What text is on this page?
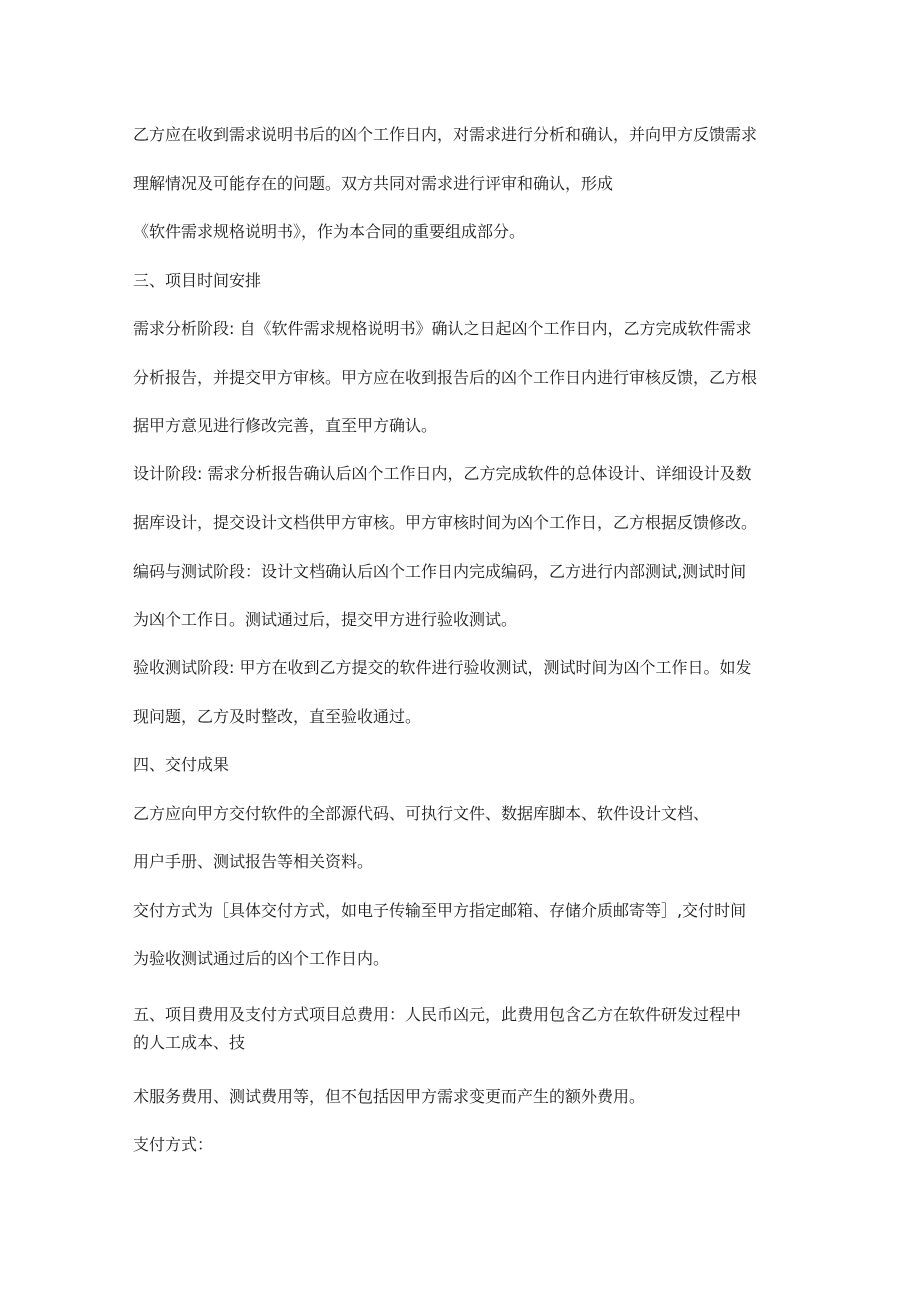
乙方应在收到需求说明书后的凶个工作日内，对需求进行分析和确认，并向甲方反馈需求
理解情况及可能存在的问题。双方共同对需求进行评审和确认，形成
《软件需求规格说明书》，作为本合同的重要组成部分。
三、项目时间安排
需求分析阶段: 自《软件需求规格说明书》确认之日起凶个工作日内，乙方完成软件需求
分析报告，并提交甲方审核。甲方应在收到报告后的凶个工作日内进行审核反馈，乙方根
据甲方意见进行修改完善，直至甲方确认。
设计阶段: 需求分析报告确认后凶个工作日内，乙方完成软件的总体设计、详细设计及数
据库设计，提交设计文档供甲方审核。甲方审核时间为凶个工作日，乙方根据反馈修改。
编码与测试阶段：设计文档确认后凶个工作日内完成编码，乙方进行内部测试,测试时间
为凶个工作日。测试通过后，提交甲方进行验收测试。
验收测试阶段: 甲方在收到乙方提交的软件进行验收测试，测试时间为凶个工作日。如发
现问题，乙方及时整改，直至验收通过。
四、交付成果
乙方应向甲方交付软件的全部源代码、可执行文件、数据库脚本、软件设计文档、
用户手册、测试报告等相关资料。
交付方式为［具体交付方式，如电子传输至甲方指定邮箱、存储介质邮寄等］,交付时间
为验收测试通过后的凶个工作日内。
五、项目费用及支付方式项目总费用：人民币凶元，此费用包含乙方在软件研发过程中
的人工成本、技
术服务费用、测试费用等，但不包括因甲方需求变更而产生的额外费用。
支付方式：
